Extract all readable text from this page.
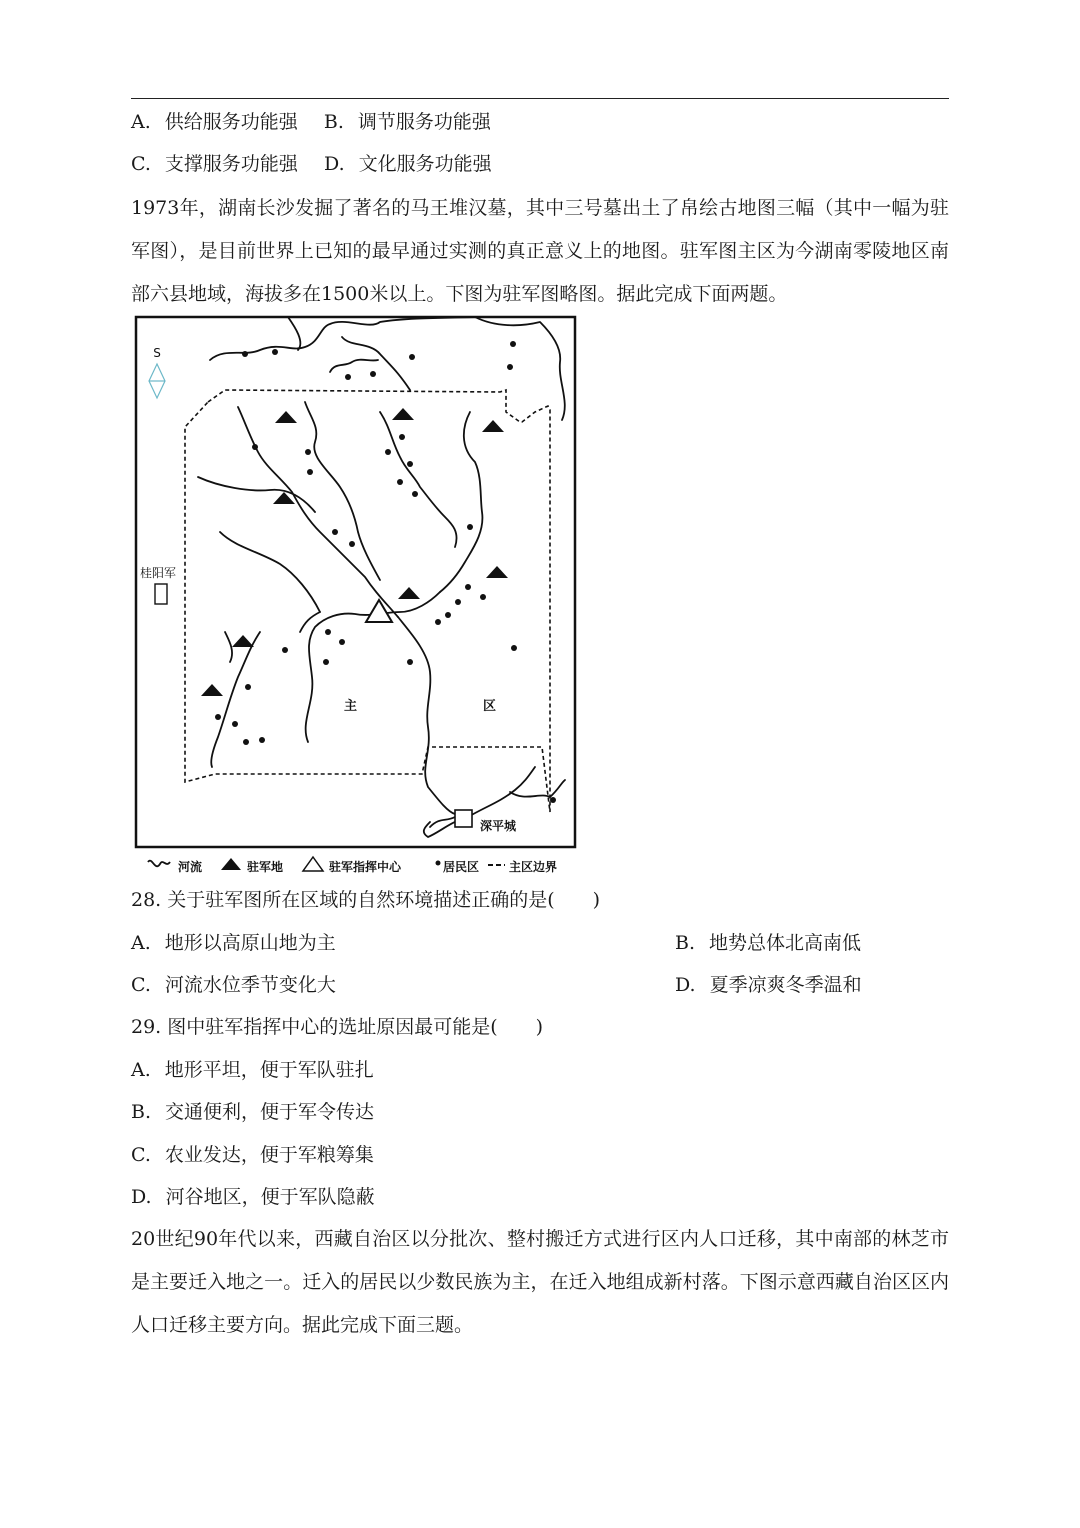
A. 供给服务功能强 B. 调节服务功能强
C. 支撑服务功能强 D. 文化服务功能强
1973年，湖南长沙发掘了著名的马王堆汉墓，其中三号墓出土了帛绘古地图三幅（其中一幅为驻军图），是目前世界上已知的最早通过实测的真正意义上的地图。驻军图主区为今湖南零陵地区南部六县地域，海拔多在1500米以上。下图为驻军图略图。据此完成下面两题。
S
桂阳军
深平城
主	区
河流	驻军地	驻军指挥中心	居民区 主区边界
28. 关于驻军图所在区域的自然环境描述正确的是(　　)
A. 地形以高原山地为主	B. 地势总体北高南低
C. 河流水位季节变化大	D. 夏季凉爽冬季温和
29. 图中驻军指挥中心的选址原因最可能是(　　)
A. 地形平坦，便于军队驻扎
B. 交通便利，便于军令传达
C. 农业发达，便于军粮筹集
D. 河谷地区，便于军队隐蔽
20世纪90年代以来，西藏自治区以分批次、整村搬迁方式进行区内人口迁移，其中南部的林芝市是主要迁入地之一。迁入的居民以少数民族为主，在迁入地组成新村落。下图示意西藏自治区区内人口迁移主要方向。据此完成下面三题。
